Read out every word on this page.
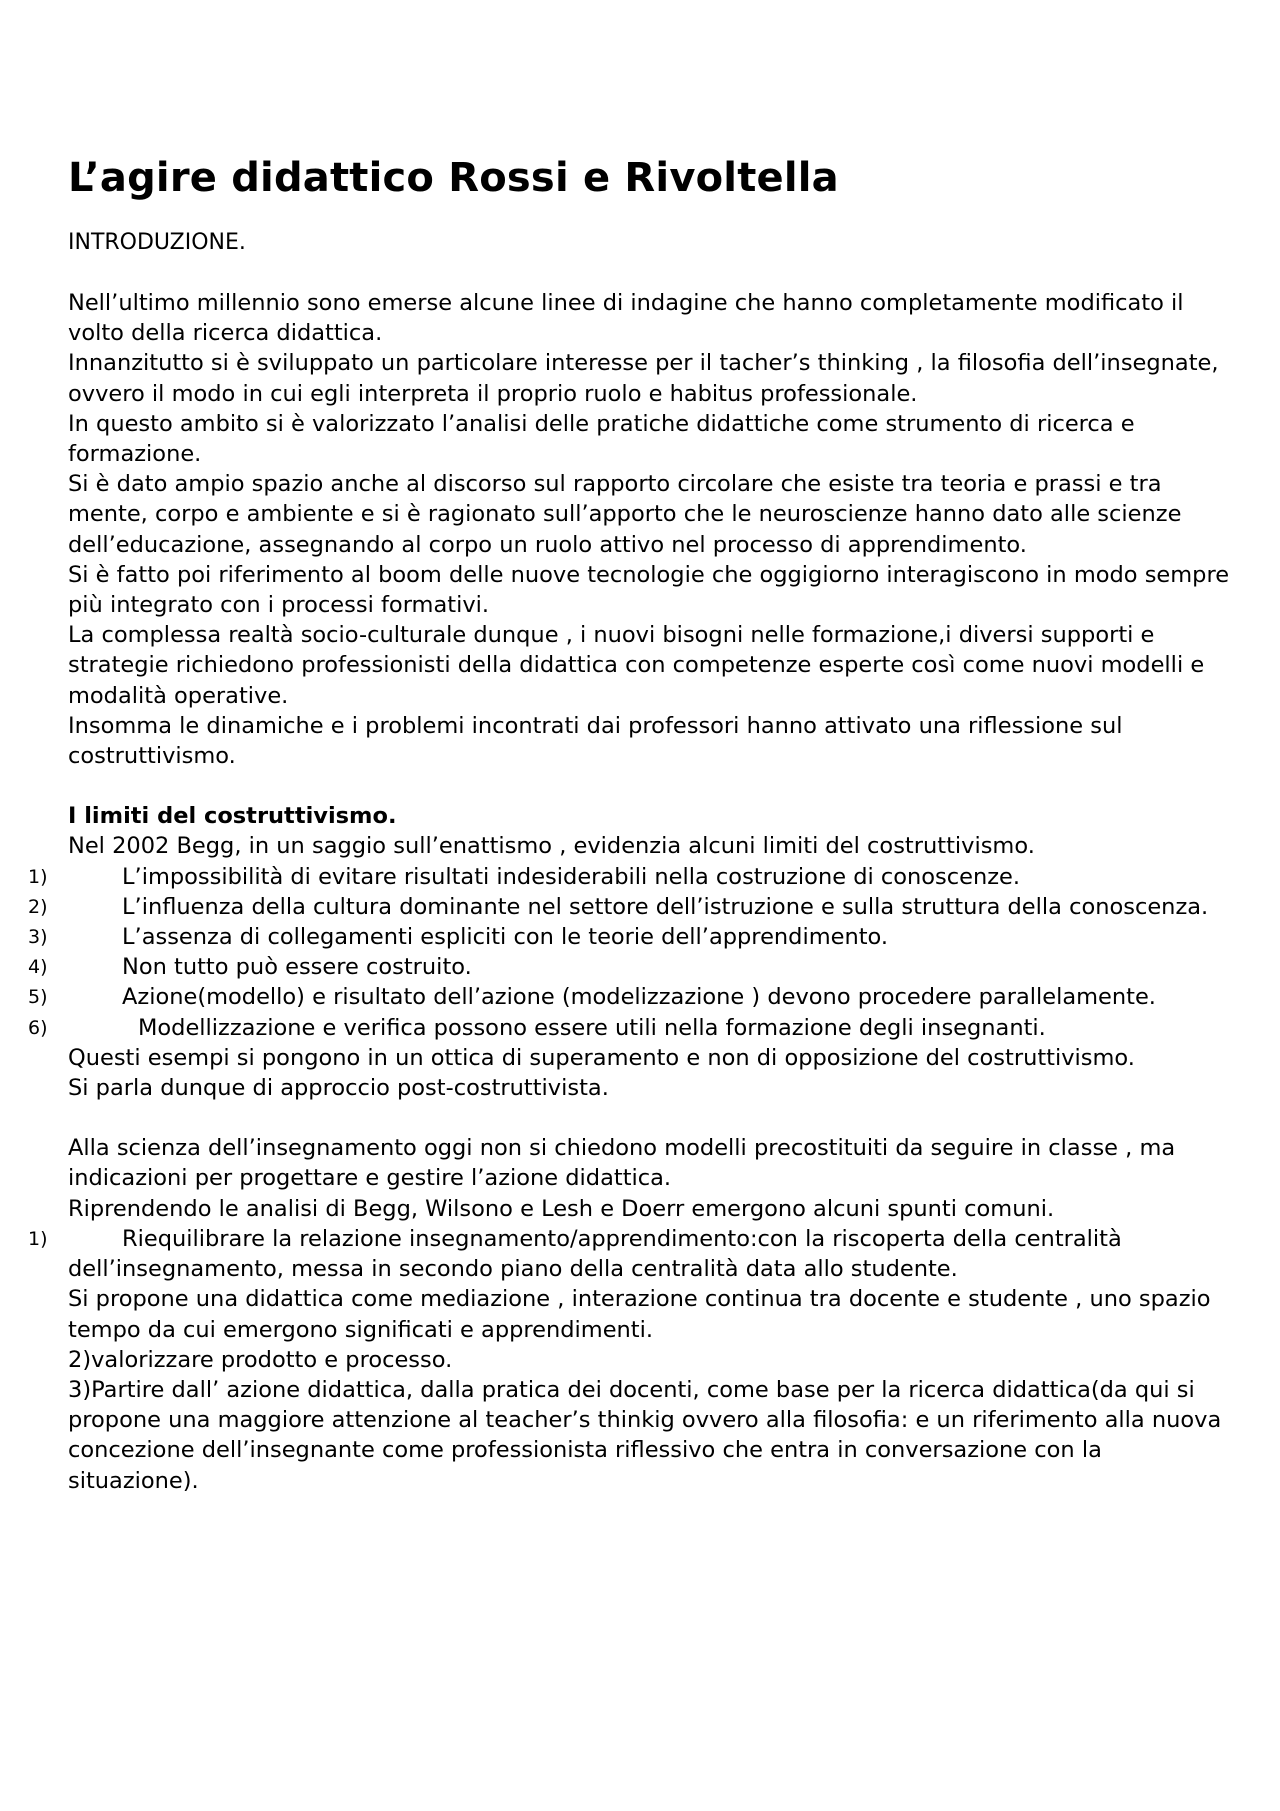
L’agire didattico Rossi e Rivoltella

INTRODUZIONE.

Nell’ultimo millennio sono emerse alcune linee di indagine che hanno completamente modificato il volto della ricerca didattica.

Innanzitutto si è sviluppato un particolare interesse per il tacher’s thinking , la filosofia dell’insegnate, ovvero il modo in cui egli interpreta il proprio ruolo e habitus professionale.

In questo ambito si è valorizzato l’analisi delle pratiche didattiche come strumento di ricerca e formazione.

Si è dato ampio spazio anche al discorso sul rapporto circolare che esiste tra teoria e prassi e tra mente, corpo e ambiente e si è ragionato sull’apporto che le neuroscienze hanno dato alle scienze dell’educazione, assegnando al corpo un ruolo attivo nel processo di apprendimento.

Si è fatto poi riferimento al boom delle nuove tecnologie che oggigiorno interagiscono in modo sempre più integrato con i processi formativi.

La complessa realtà socio-culturale dunque , i nuovi bisogni nelle formazione,i diversi supporti e strategie richiedono professionisti della didattica con competenze esperte così come nuovi modelli e modalità operative.

Insomma le dinamiche e i problemi incontrati dai professori hanno attivato una riflessione sul costruttivismo.

I limiti del costruttivismo.

Nel 2002 Begg, in un saggio sull’enattismo , evidenzia alcuni limiti del costruttivismo.

1)	L’impossibilità di evitare risultati indesiderabili nella costruzione di conoscenze.

2)	L’influenza della cultura dominante nel settore dell’istruzione e sulla struttura della conoscenza.

3)	L’assenza di collegamenti espliciti con le teorie dell’apprendimento.

4)	Non tutto può essere costruito.

5)	Azione(modello) e risultato dell’azione (modelizzazione ) devono procedere parallelamente.

6)	Modellizzazione e verifica possono essere utili nella formazione degli insegnanti.

Questi esempi si pongono in un ottica di superamento e non di opposizione del costruttivismo.

Si parla dunque di approccio post-costruttivista.

Alla scienza dell’insegnamento oggi non si chiedono modelli precostituiti da seguire in classe , ma indicazioni per progettare e gestire l’azione didattica.

Riprendendo le analisi di Begg, Wilsono e Lesh e Doerr emergono alcuni spunti comuni.

1)	Riequilibrare la relazione insegnamento/apprendimento:con la riscoperta della centralità dell’insegnamento, messa in secondo piano della centralità data allo studente.

Si propone una didattica come mediazione , interazione continua tra docente e studente , uno spazio tempo da cui emergono significati e apprendimenti.

2)valorizzare prodotto e processo.

3)Partire dall’ azione didattica, dalla pratica dei docenti, come base per la ricerca didattica(da qui si propone una maggiore attenzione al teacher’s thinkig ovvero alla filosofia: e un riferimento alla nuova concezione dell’insegnante come professionista riflessivo che entra in conversazione con la situazione).
